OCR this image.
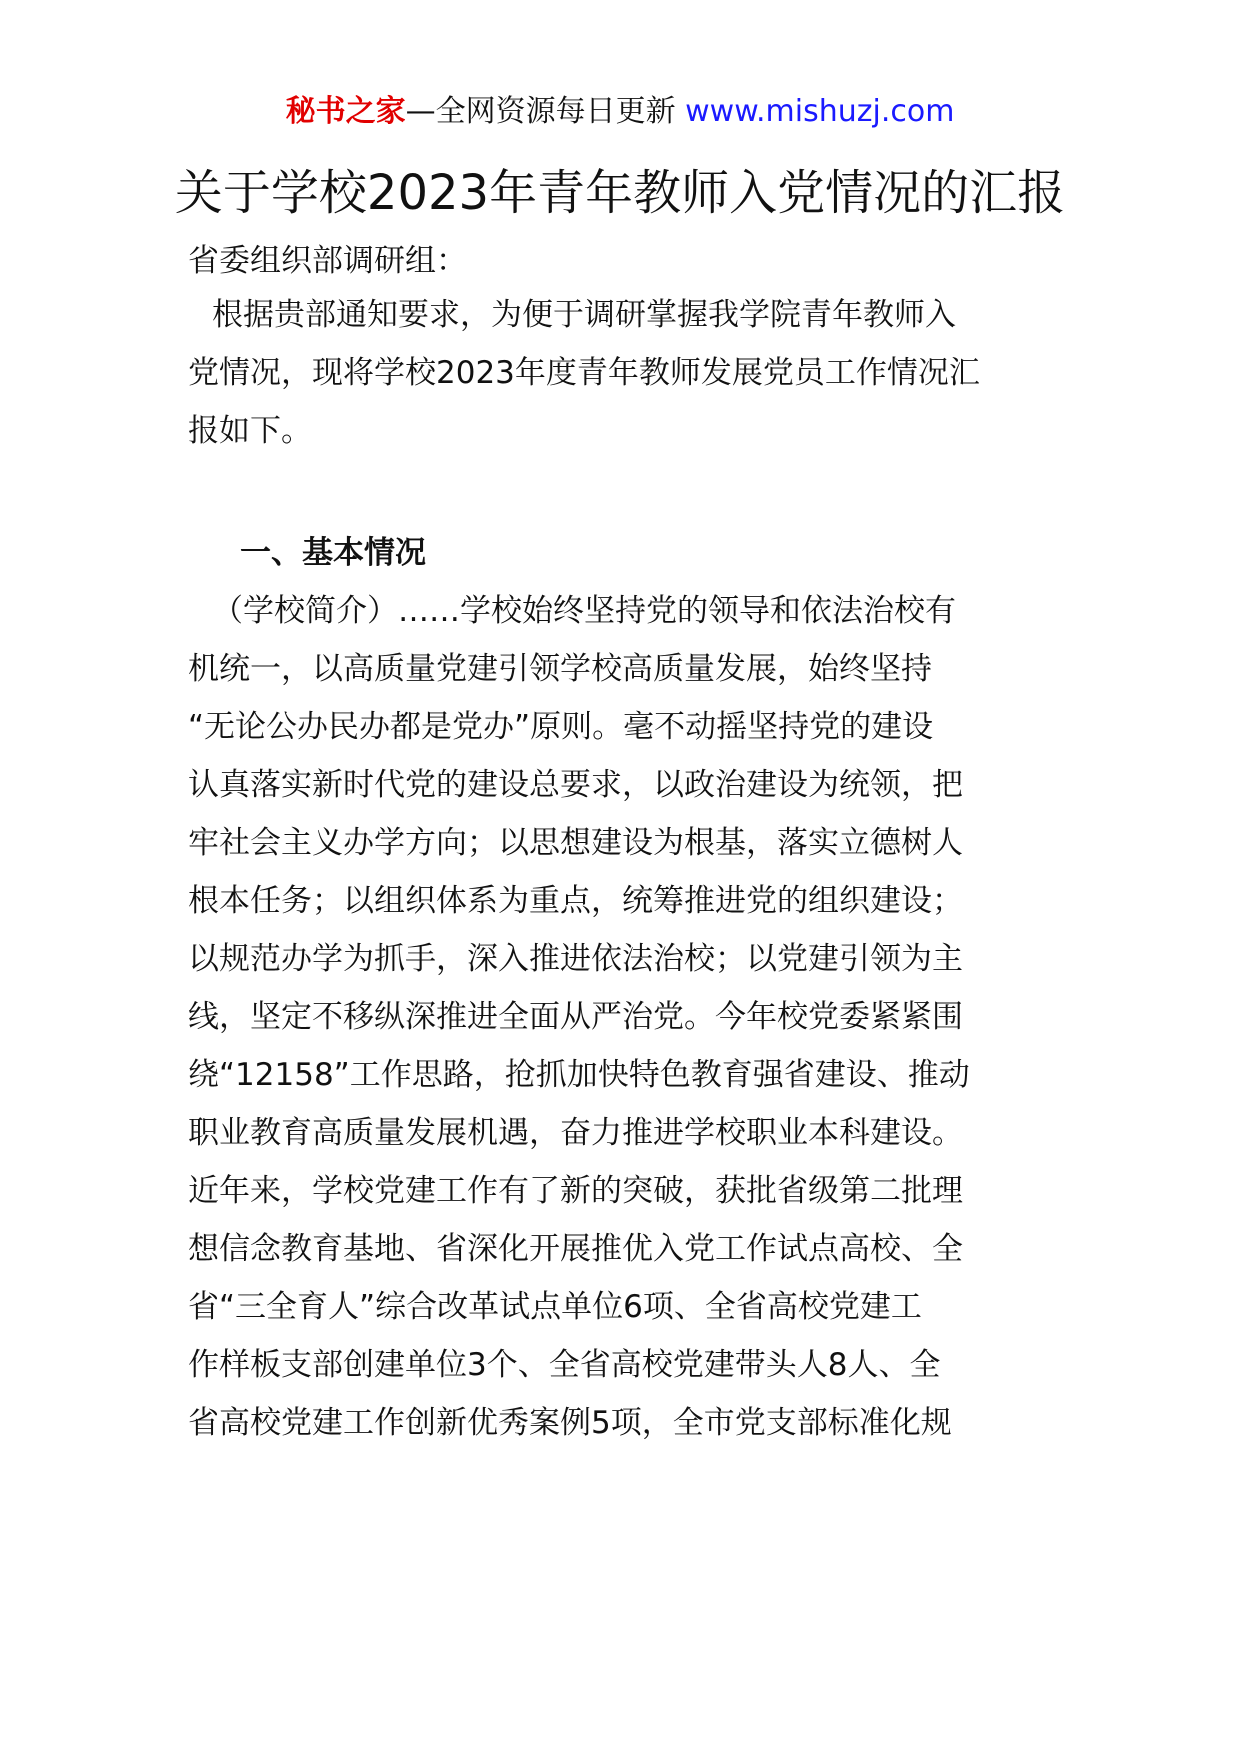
秘书之家—全网资源每日更新 www.mishuzj.com
关于学校2023年青年教师入党情况的汇报
省委组织部调研组：
根据贵部通知要求，为便于调研掌握我学院青年教师入
党情况，现将学校2023年度青年教师发展党员工作情况汇
报如下。
一、基本情况
（学校简介）……学校始终坚持党的领导和依法治校有
机统一，以高质量党建引领学校高质量发展，始终坚持
“无论公办民办都是党办”原则。毫不动摇坚持党的建设
认真落实新时代党的建设总要求，以政治建设为统领，把
牢社会主义办学方向；以思想建设为根基，落实立德树人
根本任务；以组织体系为重点，统筹推进党的组织建设；
以规范办学为抓手，深入推进依法治校；以党建引领为主
线，坚定不移纵深推进全面从严治党。今年校党委紧紧围
绕“12158”工作思路，抢抓加快特色教育强省建设、推动
职业教育高质量发展机遇，奋力推进学校职业本科建设。
近年来，学校党建工作有了新的突破，获批省级第二批理
想信念教育基地、省深化开展推优入党工作试点高校、全
省“三全育人”综合改革试点单位6项、全省高校党建工
作样板支部创建单位3个、全省高校党建带头人8人、全
省高校党建工作创新优秀案例5项，全市党支部标准化规
